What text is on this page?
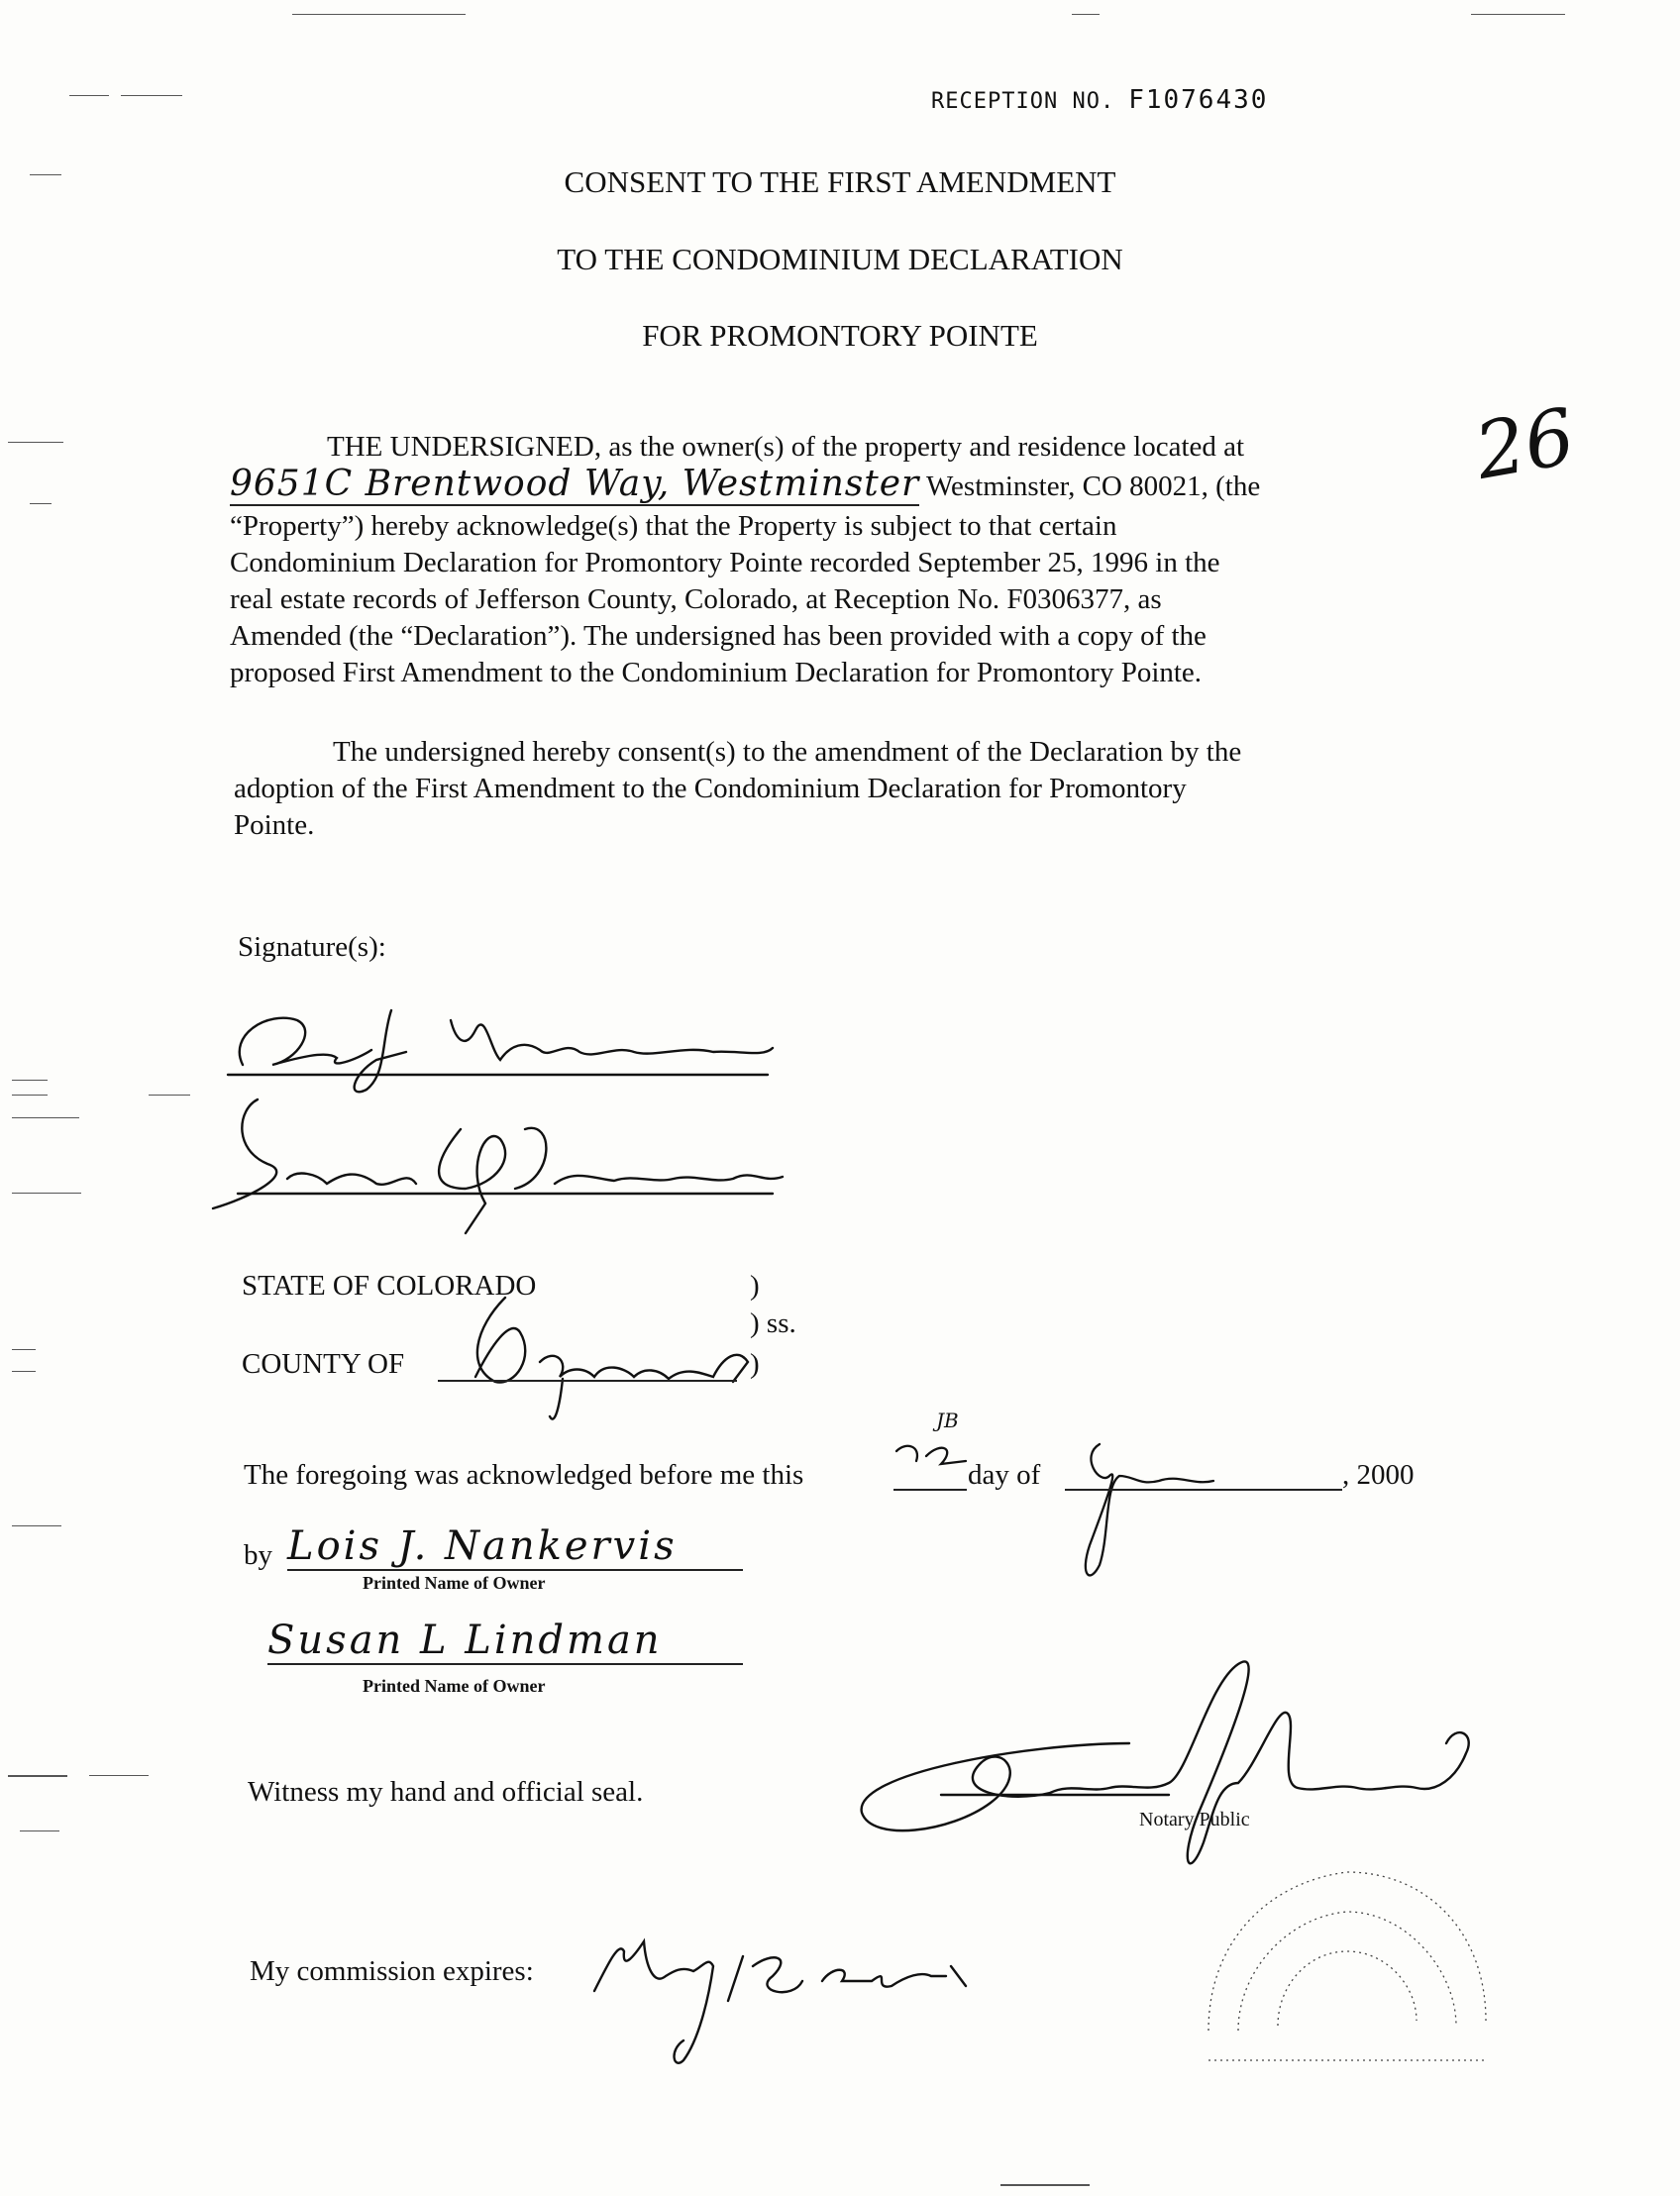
RECEPTION NO. F1076430
CONSENT TO THE FIRST AMENDMENT
TO THE CONDOMINIUM DECLARATION
FOR PROMONTORY POINTE
26
THE UNDERSIGNED, as the owner(s) of the property and residence located at
9651C Brentwood Way, Westminster Westminster, CO 80021, (the
“Property”) hereby acknowledge(s) that the Property is subject to that certain
Condominium Declaration for Promontory Pointe recorded September 25, 1996 in the
real estate records of Jefferson County, Colorado, at Reception No. F0306377, as
Amended (the “Declaration”). The undersigned has been provided with a copy of the
proposed First Amendment to the Condominium Declaration for Promontory Pointe.
The undersigned hereby consent(s) to the amendment of the Declaration by the
adoption of the First Amendment to the Condominium Declaration for Promontory
Pointe.
Signature(s):
STATE OF COLORADO	)
) ss.
COUNTY OF	)
JB
The foregoing was acknowledged before me this	day of	, 2000
by Lois J. Nankervis
Printed Name of Owner
Susan L Lindman
Printed Name of Owner
Witness my hand and official seal.
Notary Public
My commission expires:
